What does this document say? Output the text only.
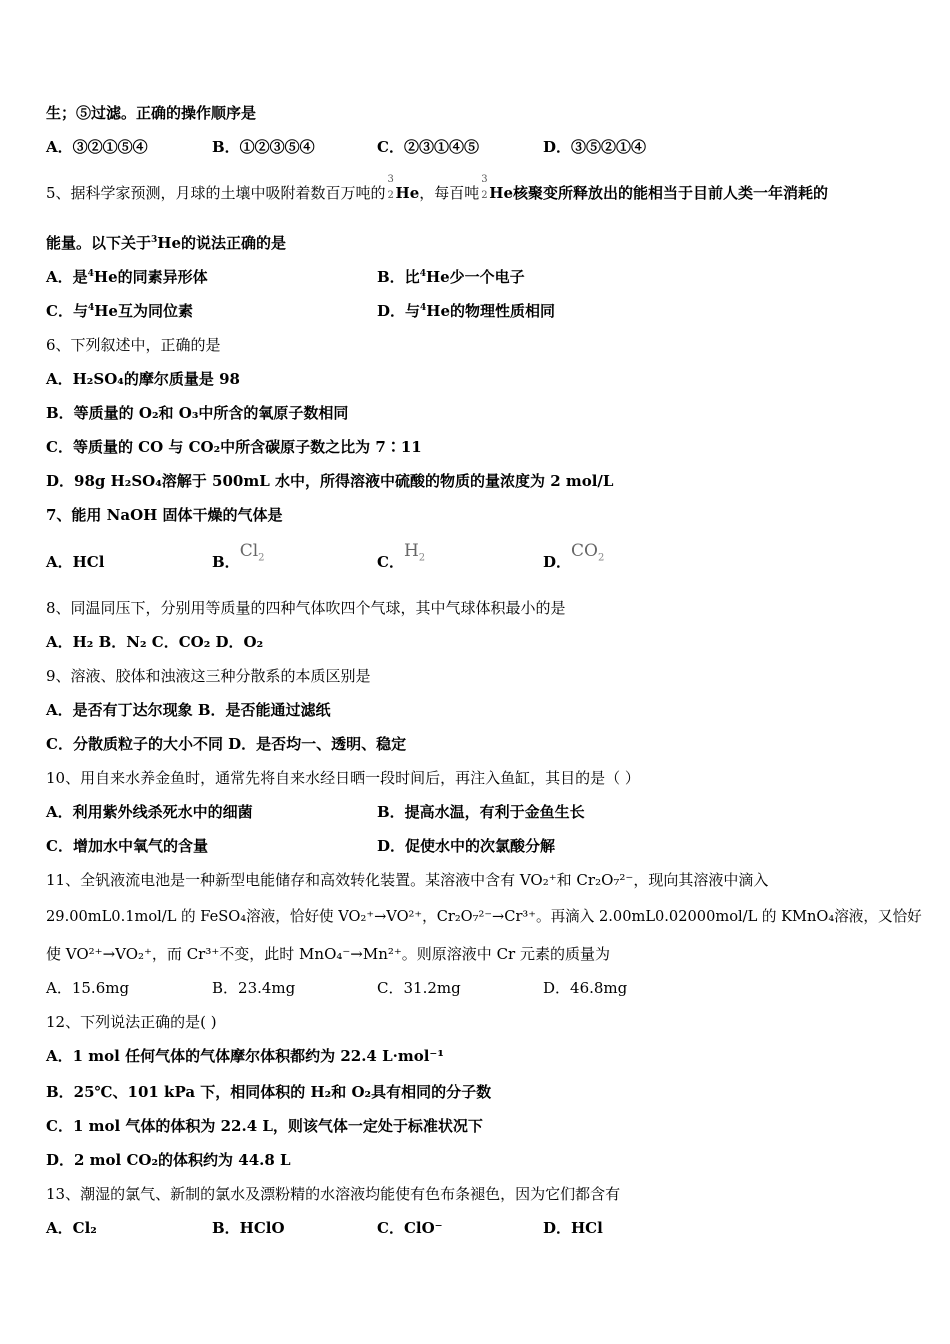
生；⑤过滤。正确的操作顺序是
A．③②①⑤④	B．①②③⑤④	C．②③①④⑤	D．③⑤②①④
5、据科学家预测，月球的土壤中吸附着数百万吨的
3
2 He，每百吨
3
2 He核聚变所释放出的能相当于目前人类一年消耗的
能量。以下关于$^3$He的说法正确的是
A．是$^4$He的同素异形体	B．比$^4$He少一个电子
C．与$^4$He互为同位素	D．与$^4$He的物理性质相同
6、下列叙述中，正确的是
A．H₂SO₄的摩尔质量是 98
B．等质量的 O₂和 O₃中所含的氧原子数相同
C．等质量的 CO 与 CO₂中所含碳原子数之比为 7∶11
D．98g H₂SO₄溶解于 500mL 水中，所得溶液中硫酸的物质的量浓度为 2 mol/L
7、能用 NaOH 固体干燥的气体是
A．HCl	B．$Cl_2$	C．$H_2$	D．$CO_2$
8、同温同压下，分别用等质量的四种气体吹四个气球，其中气球体积最小的是
A．H₂ B．N₂ C．CO₂ D．O₂
9、溶液、胶体和浊液这三种分散系的本质区别是
A．是否有丁达尔现象 B．是否能通过滤纸
C．分散质粒子的大小不同 D．是否均一、透明、稳定
10、用自来水养金鱼时，通常先将自来水经日晒一段时间后，再注入鱼缸，其目的是（ ）
A．利用紫外线杀死水中的细菌	B．提高水温，有利于金鱼生长
C．增加水中氧气的含量	D．促使水中的次氯酸分解
11、全钒液流电池是一种新型电能储存和高效转化装置。某溶液中含有 VO₂⁺和 Cr₂O₇²⁻，现向其溶液中滴入
29.00mL0.1mol/L 的 FeSO₄溶液，恰好使 VO₂⁺→VO²⁺，Cr₂O₇²⁻→Cr³⁺。再滴入 2.00mL0.02000mol/L 的 KMnO₄溶液，又恰好
使 VO²⁺→VO₂⁺，而 Cr³⁺不变，此时 MnO₄⁻→Mn²⁺。则原溶液中 Cr 元素的质量为
A．15.6mg	B．23.4mg	C．31.2mg	D．46.8mg
12、下列说法正确的是( )
A．1 mol 任何气体的气体摩尔体积都约为 22.4 L·mol⁻¹
B．25℃、101 kPa 下，相同体积的 H₂和 O₂具有相同的分子数
C．1 mol 气体的体积为 22.4 L，则该气体一定处于标准状况下
D．2 mol CO₂的体积约为 44.8 L
13、潮湿的氯气、新制的氯水及漂粉精的水溶液均能使有色布条褪色，因为它们都含有
A．Cl₂	B．HClO	C．ClO⁻	D．HCl
